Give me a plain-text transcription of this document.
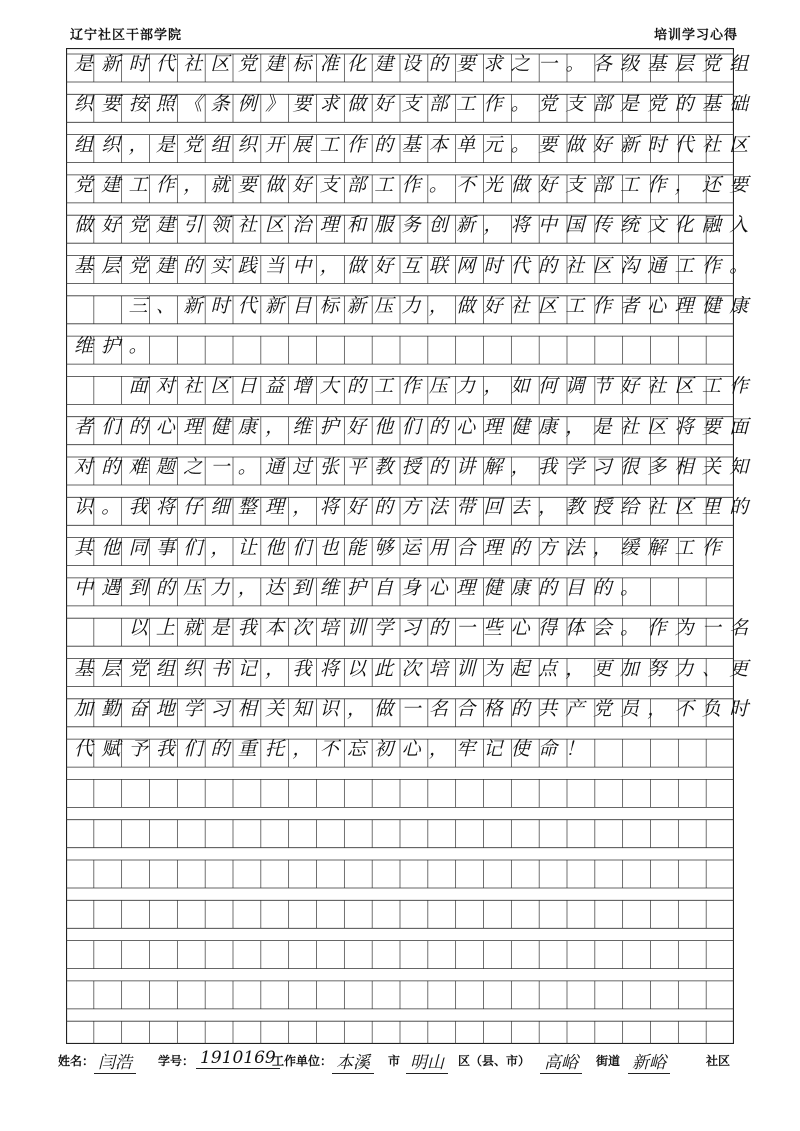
辽宁社区干部学院	培训学习心得
是新时代社区党建标准化建设的要求之一。各级基层党组
织要按照《条例》要求做好支部工作。党支部是党的基础
组织，是党组织开展工作的基本单元。要做好新时代社区
党建工作，就要做好支部工作。不光做好支部工作，还要
做好党建引领社区治理和服务创新，将中国传统文化融入
基层党建的实践当中，做好互联网时代的社区沟通工作。
　　三、新时代新目标新压力，做好社区工作者心理健康
维护。
　　面对社区日益增大的工作压力，如何调节好社区工作
者们的心理健康，维护好他们的心理健康，是社区将要面
对的难题之一。通过张平教授的讲解，我学习很多相关知
识。我将仔细整理，将好的方法带回去，教授给社区里的
其他同事们，让他们也能够运用合理的方法，缓解工作
中遇到的压力，达到维护自身心理健康的目的。
　　以上就是我本次培训学习的一些心得体会。作为一名
基层党组织书记，我将以此次培训为起点，更加努力、更
加勤奋地学习相关知识，做一名合格的共产党员，不负时
代赋予我们的重托，不忘初心，牢记使命！
姓名： 闫浩	学号： 1910169
工作单位： 本溪	市 明山	区（县、市） 高峪	街道 新峪	社区
